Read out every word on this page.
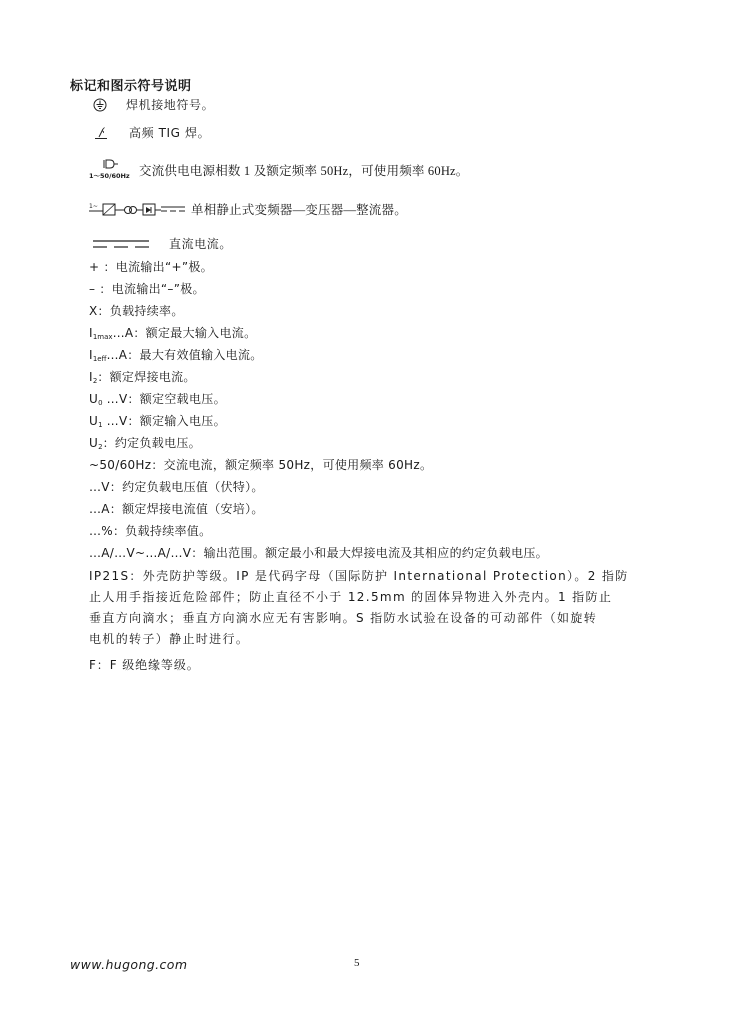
标记和图示符号说明
焊机接地符号。
高频 TIG 焊。
1～50/60Hz 交流供电电源相数 1 及额定频率 50Hz，可使用频率 60Hz。
1~	单相静止式变频器—变压器—整流器。
直流电流。
+ ：电流输出“+”极。
– ：电流输出“–”极。
X：负载持续率。
$I_{1max}\dots A$：额定最大输入电流。
$I_{1eff}\dots A$：最大有效值输入电流。
$I_2$：额定焊接电流。
$U_0$ …V：额定空载电压。
$U_1$ …V：额定输入电压。
$U_2$：约定负载电压。
~50/60Hz：交流电流，额定频率 50Hz，可使用频率 60Hz。
…V：约定负载电压值（伏特）。
…A：额定焊接电流值（安培）。
…%：负载持续率值。
…A/…V~…A/…V：输出范围。额定最小和最大焊接电流及其相应的约定负载电压。
IP21S：外壳防护等级。IP 是代码字母（国际防护 International Protection）。2 指防
止人用手指接近危险部件；防止直径不小于 12.5mm 的固体异物进入外壳内。1 指防止
垂直方向滴水；垂直方向滴水应无有害影响。S 指防水试验在设备的可动部件（如旋转
电机的转子）静止时进行。
F：F 级绝缘等级。
www.hugong.com	5
